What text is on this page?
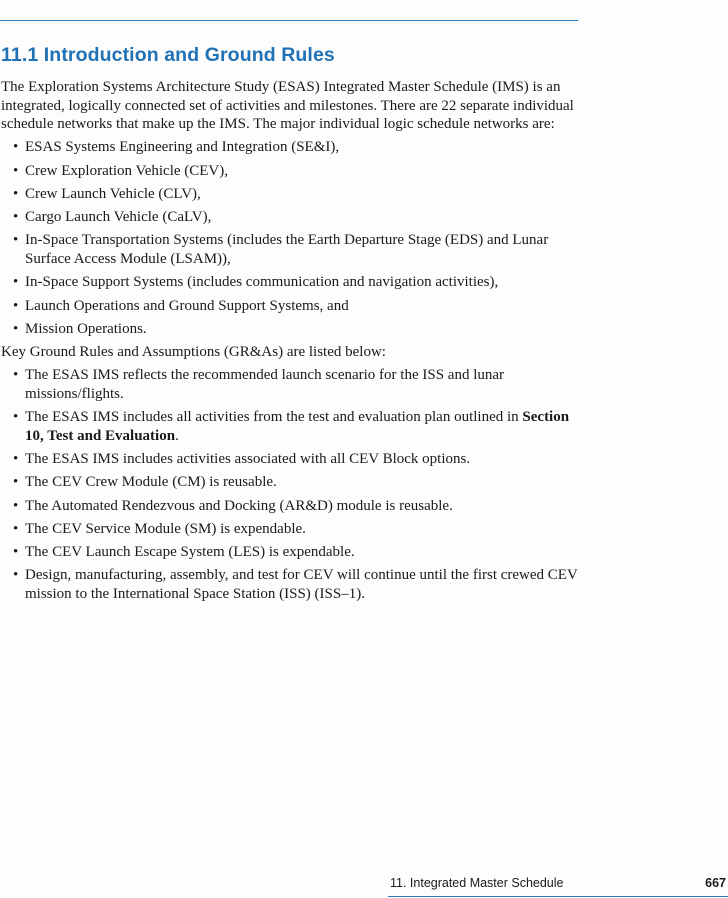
11.1 Introduction and Ground Rules

The Exploration Systems Architecture Study (ESAS) Integrated Master Schedule (IMS) is an integrated, logically connected set of activities and milestones. There are 22 separate individual schedule networks that make up the IMS. The major individual logic schedule networks are:

• ESAS Systems Engineering and Integration (SE&I),
• Crew Exploration Vehicle (CEV),
• Crew Launch Vehicle (CLV),
• Cargo Launch Vehicle (CaLV),
• In-Space Transportation Systems (includes the Earth Departure Stage (EDS) and Lunar Surface Access Module (LSAM)),
• In-Space Support Systems (includes communication and navigation activities),
• Launch Operations and Ground Support Systems, and
• Mission Operations.

Key Ground Rules and Assumptions (GR&As) are listed below:

• The ESAS IMS reflects the recommended launch scenario for the ISS and lunar missions/flights.
• The ESAS IMS includes all activities from the test and evaluation plan outlined in Section 10, Test and Evaluation.
• The ESAS IMS includes activities associated with all CEV Block options.
• The CEV Crew Module (CM) is reusable.
• The Automated Rendezvous and Docking (AR&D) module is reusable.
• The CEV Service Module (SM) is expendable.
• The CEV Launch Escape System (LES) is expendable.
• Design, manufacturing, assembly, and test for CEV will continue until the first crewed CEV mission to the International Space Station (ISS) (ISS–1).
11. Integrated Master Schedule	667
